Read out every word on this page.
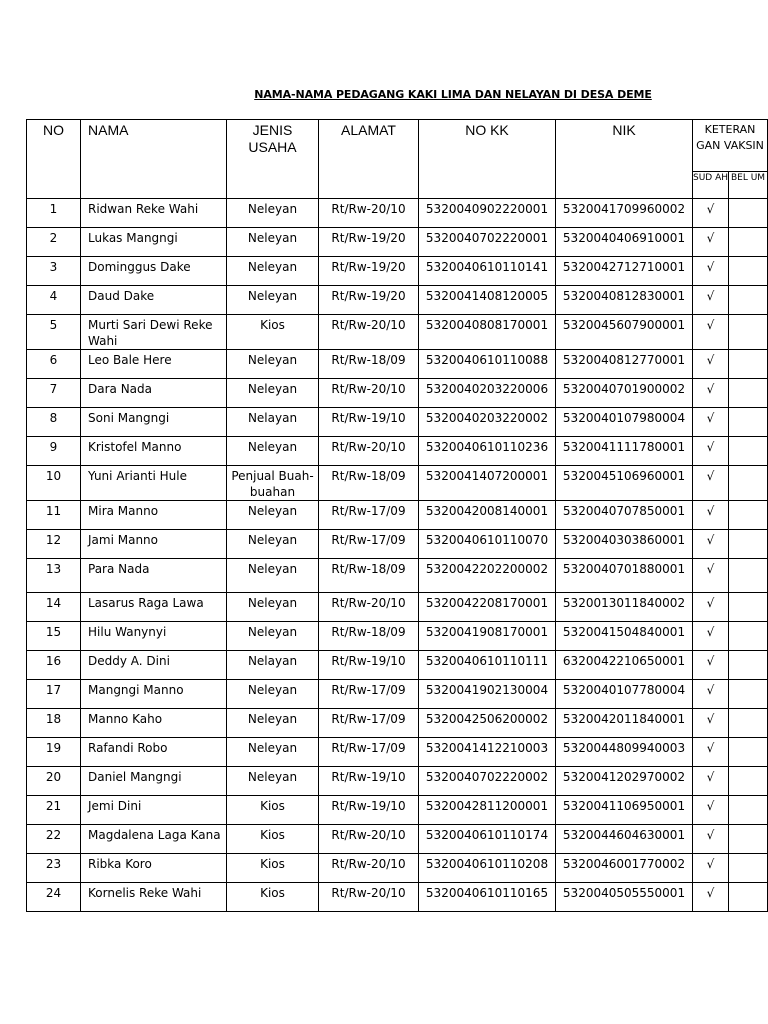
NAMA-NAMA PEDAGANG KAKI LIMA DAN NELAYAN DI DESA DEME
NO	NAMA	JENIS USAHA	ALAMAT	NO KK	NIK	KETERAN GAN VAKSIN	
						SUD AH	BEL UM
1	Ridwan Reke Wahi	Neleyan	Rt/Rw-20/10	5320040902220001	5320041709960002	√	
2	Lukas Mangngi	Neleyan	Rt/Rw-19/20	5320040702220001	5320040406910001	√	
3	Dominggus Dake	Neleyan	Rt/Rw-19/20	5320040610110141	5320042712710001	√	
4	Daud Dake	Neleyan	Rt/Rw-19/20	5320041408120005	5320040812830001	√	
5	Murti Sari Dewi Reke Wahi	Kios	Rt/Rw-20/10	5320040808170001	5320045607900001	√	
6	Leo Bale Here	Neleyan	Rt/Rw-18/09	5320040610110088	5320040812770001	√	
7	Dara Nada	Neleyan	Rt/Rw-20/10	5320040203220006	5320040701900002	√	
8	Soni Mangngi	Nelayan	Rt/Rw-19/10	5320040203220002	5320040107980004	√	
9	Kristofel Manno	Neleyan	Rt/Rw-20/10	5320040610110236	5320041111780001	√	
10	Yuni Arianti Hule	Penjual Buah-buahan	Rt/Rw-18/09	5320041407200001	5320045106960001	√	
11	Mira Manno	Neleyan	Rt/Rw-17/09	5320042008140001	5320040707850001	√	
12	Jami Manno	Neleyan	Rt/Rw-17/09	5320040610110070	5320040303860001	√	
13	Para Nada	Neleyan	Rt/Rw-18/09	5320042202200002	5320040701880001	√	
14	Lasarus Raga Lawa	Neleyan	Rt/Rw-20/10	5320042208170001	5320013011840002	√	
15	Hilu Wanynyi	Neleyan	Rt/Rw-18/09	5320041908170001	5320041504840001	√	
16	Deddy A. Dini	Nelayan	Rt/Rw-19/10	5320040610110111	6320042210650001	√	
17	Mangngi Manno	Neleyan	Rt/Rw-17/09	5320041902130004	5320040107780004	√	
18	Manno Kaho	Neleyan	Rt/Rw-17/09	5320042506200002	5320042011840001	√	
19	Rafandi Robo	Neleyan	Rt/Rw-17/09	5320041412210003	5320044809940003	√	
20	Daniel Mangngi	Neleyan	Rt/Rw-19/10	5320040702220002	5320041202970002	√	
21	Jemi Dini	Kios	Rt/Rw-19/10	5320042811200001	5320041106950001	√	
22	Magdalena Laga Kana	Kios	Rt/Rw-20/10	5320040610110174	5320044604630001	√	
23	Ribka Koro	Kios	Rt/Rw-20/10	5320040610110208	5320046001770002	√	
24	Kornelis Reke Wahi	Kios	Rt/Rw-20/10	5320040610110165	5320040505550001	√	
